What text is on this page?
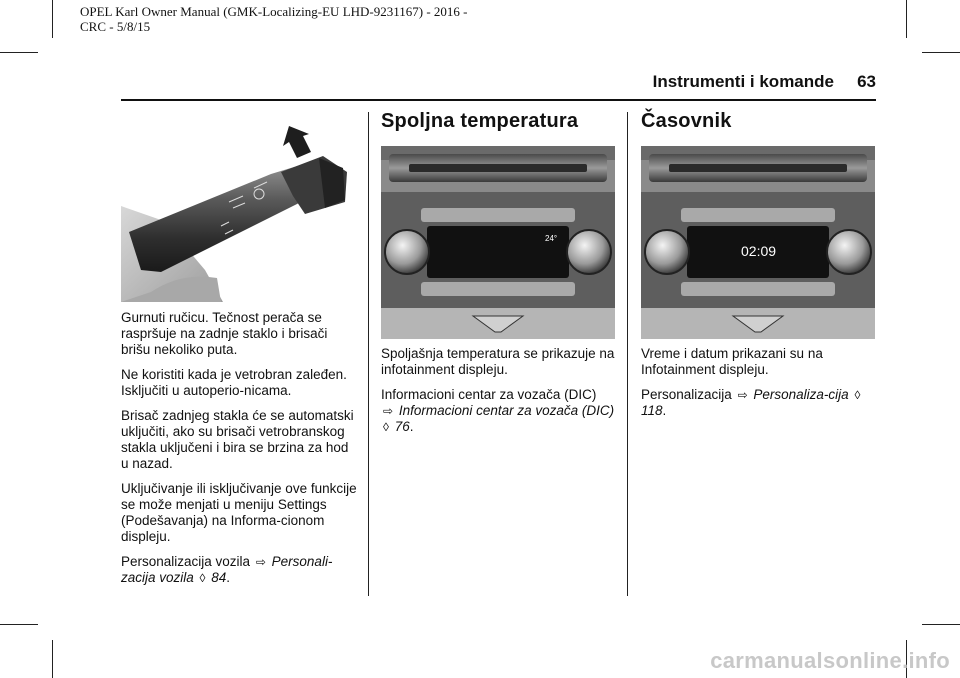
OPEL Karl Owner Manual (GMK-Localizing-EU LHD-9231167) - 2016 -
CRC - 5/8/15
Instrumenti i komande	63

Gurnuti ručicu. Tečnost perača se raspršuje na zadnje staklo i brisači brišu nekoliko puta.

Ne koristiti kada je vetrobran zaleđen. Isključiti u autoperio-nicama.

Brisač zadnjeg stakla će se automatski uključiti, ako su brisači vetrobranskog stakla uključeni i bira se brzina za hod u nazad.

Uključivanje ili isključivanje ove funkcije se može menjati u meniju Settings (Podešavanja) na Informa-cionom displeju.

Personalizacija vozila ⇨ Personali-zacija vozila ◊ 84.

Spoljna temperatura
24°

Spoljašnja temperatura se prikazuje na infotainment displeju.

Informacioni centar za vozača (DIC)
⇨ Informacioni centar za vozača (DIC) ◊ 76.

Časovnik
02:09

Vreme i datum prikazani su na Infotainment displeju.

Personalizacija ⇨ Personaliza-cija ◊ 118.

carmanualsonline.info
